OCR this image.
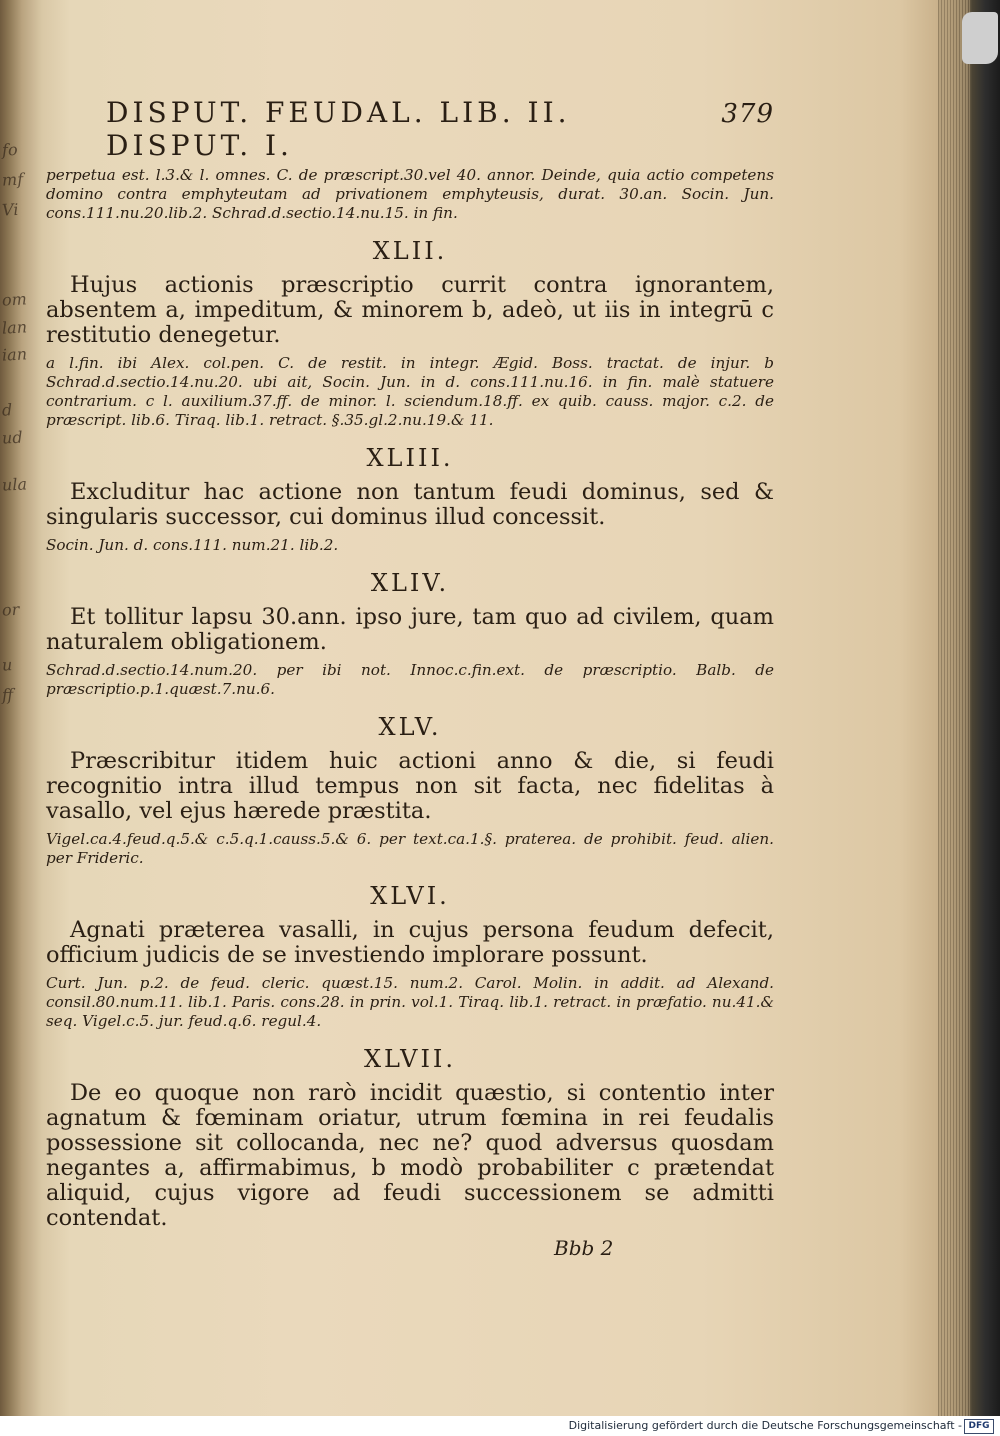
fo
mf
Vi
om
lan
ian
d
ud
ula
or
u
ff
DISPUT. FEUDAL. LIB. II. DISPUT. I.
379

perpetua est. l.3.& l. omnes. C. de præscript.30.vel 40. annor. Deinde, quia actio competens domino contra emphyteutam ad privationem emphyteusis, durat. 30.an. Socin. Jun. cons.111.nu.20.lib.2. Schrad.d.sectio.14.nu.15. in fin.

XLII.

Hujus actionis præscriptio currit contra ignorantem, absentem a, impeditum, & minorem b, adeò, ut iis in integrū c restitutio denegetur.

a l.fin. ibi Alex. col.pen. C. de restit. in integr. Ægid. Boss. tractat. de injur. b Schrad.d.sectio.14.nu.20. ubi ait, Socin. Jun. in d. cons.111.nu.16. in fin. malè statuere contrarium. c l. auxilium.37.ff. de minor. l. sciendum.18.ff. ex quib. causs. major. c.2. de præscript. lib.6. Tiraq. lib.1. retract. §.35.gl.2.nu.19.& 11.

XLIII.

Excluditur hac actione non tantum feudi dominus, sed & singularis successor, cui dominus illud concessit.

Socin. Jun. d. cons.111. num.21. lib.2.

XLIV.

Et tollitur lapsu 30.ann. ipso jure, tam quo ad civilem, quam naturalem obligationem.

Schrad.d.sectio.14.num.20. per ibi not. Innoc.c.fin.ext. de præscriptio. Balb. de præscriptio.p.1.quæst.7.nu.6.

XLV.

Præscribitur itidem huic actioni anno & die, si feudi recognitio intra illud tempus non sit facta, nec fidelitas à vasallo, vel ejus hærede præstita.

Vigel.ca.4.feud.q.5.& c.5.q.1.causs.5.& 6. per text.ca.1.§. praterea. de prohibit. feud. alien. per Frideric.

XLVI.

Agnati præterea vasalli, in cujus persona feudum defecit, officium judicis de se investiendo implorare possunt.

Curt. Jun. p.2. de feud. cleric. quæst.15. num.2. Carol. Molin. in addit. ad Alexand. consil.80.num.11. lib.1. Paris. cons.28. in prin. vol.1. Tiraq. lib.1. retract. in præfatio. nu.41.& seq. Vigel.c.5. jur. feud.q.6. regul.4.

XLVII.

De eo quoque non rarò incidit quæstio, si contentio inter agnatum & fœminam oriatur, utrum fœmina in rei feudalis possessione sit collocanda, nec ne? quod adversus quosdam negantes a, affirmabimus, b modò probabiliter c prætendat aliquid, cujus vigore ad feudi successionem se admitti contendat.

Bbb 2
Digitalisierung gefördert durch die Deutsche Forschungsgemeinschaft - DFG
